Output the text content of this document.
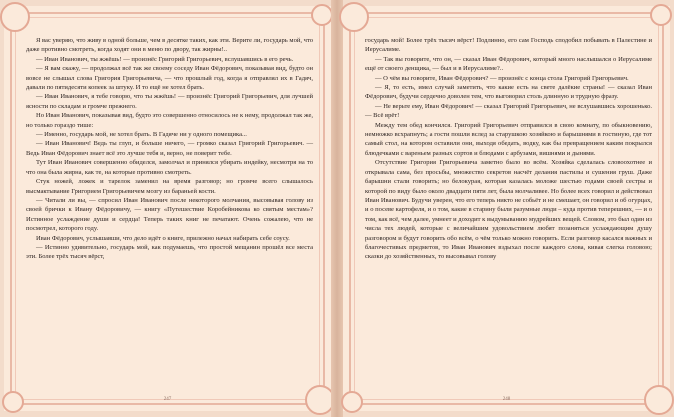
Я вас уверяю, что живу в одной больше, чем в десятке таких, как эти. Верите ли, государь мой, что даже противно смотреть, когда ходят они в меню по двору, так жирны!..

— Иван Иванович, ты жжёшь! — произнёс Григорий Григорьевич, вслушавшись в его речь.

— Я вам скажу, — продолжал всё так же своему соседу Иван Фёдорович, показывая вид, будто он вовсе не слышал слова Григория Григорьевича, — что прошлый год, когда я отправлял их в Гадяч, давали по пятидесяти копеек за штуку. И то ещё не хотел брать.

— Иван Иванович, я тебе говорю, что ты жжёшь! — произнёс Григорий Григорьевич, для лучшей ясности по складам и громче прежнего.

Но Иван Иванович, показывая вид, будто это совершенно относилось не к нему, продолжал так же, но только гораздо тише:

— Именно, государь мой, не хотел брать. В Гадяче ни у одного помещика...

— Иван Иванович! Ведь ты глуп, и больше ничего, — громко сказал Григорий Григорьевич. — Ведь Иван Фёдорович знает всё это лучше тебя и, верно, не поверит тебе.

Тут Иван Иванович совершенно обиделся, замолчал и принялся убирать индейку, несмотря на то что она была жирна, как те, на которые противно смотреть.

Стук ножей, ложек и тарелок заменил на время разговор; но громче всего слышалось высмактывание Григорием Григорьевичем мозгу из бараньей кости.

— Читали ли вы, — спросил Иван Иванович после некоторого молчания, высовывая голову из своей брички к Ивану Фёдоровичу, — книгу «Путешествие Коробейникова ко святым местам»? Истинное услаждение души и сердца! Теперь таких книг не печатают. Очень сожалею, что не посмотрел, которого году.

Иван Фёдорович, услышавши, что дело идёт о книге, прилежно начал набирать себе соусу.

— Истинно удивительно, государь мой, как подумаешь, что простой мещанин прошёл все места эти. Более трёх тысяч вёрст,

247

государь мой! Более трёх тысяч вёрст! Подлинно, его сам Господь сподобил побывать в Палестине и Иерусалиме.

— Так вы говорите, что он, — сказал Иван Фёдорович, который много наслышался о Иерусалиме ещё от своего денщика, — был и в Иерусалиме?..

— О чём вы говорите, Иван Фёдорович? — произнёс с конца стола Григорий Григорьевич.

— Я, то есть, имел случай заметить, что какие есть на свете далёкие страны! — сказал Иван Фёдорович, будучи сердечно доволен тем, что выговорил столь длинную и трудную фразу.

— Не верьте ему, Иван Фёдорович! — сказал Григорий Григорьевич, не вслушавшись хорошенько. — Всё врёт!

Между тем обед кончился. Григорий Григорьевич отправился в свою комнату, по обыкновению, немножко всхрапнуть; а гости пошли вслед за старушкою хозяйкою и барышнями в гостиную, где тот самый стол, на котором оставили они, выходя обедать, водку, как бы превращением каким покрылся блюдечками с вареньем разных сортов и блюдами с арбузами, вишнями и дынями.

Отсутствие Григория Григорьевича заметно было во всём. Хозяйка сделалась словоохотнее и открывала сама, без просьбы, множество секретов насчёт делания пастилы и сушения груш. Даже барышни стали говорить; но белокурая, которая казалась моложе шестью годами своей сестры и которой по виду было около двадцати пяти лет, была молчаливее. Но более всех говорил и действовал Иван Иванович. Будучи уверен, что его теперь никто не собьёт и не смешает, он говорил и об огурцах, и о посеве картофеля, и о том, какие в старину были разумные люди – куда против теперешних, — и о том, как всё, чем далее, умнеет и доходит к выдумыванию мудрейших вещей. Словом, это был один из числа тех людей, которые с величайшим удовольствием любят позаняться услаждающим душу разговором и будут говорить обо всём, о чём только можно говорить. Если разговор касался важных и благочестивых предметов, то Иван Иванович вздыхал после каждого слова, кивая слегка головою; сказки до хозяйственных, то высовывал голову

248
